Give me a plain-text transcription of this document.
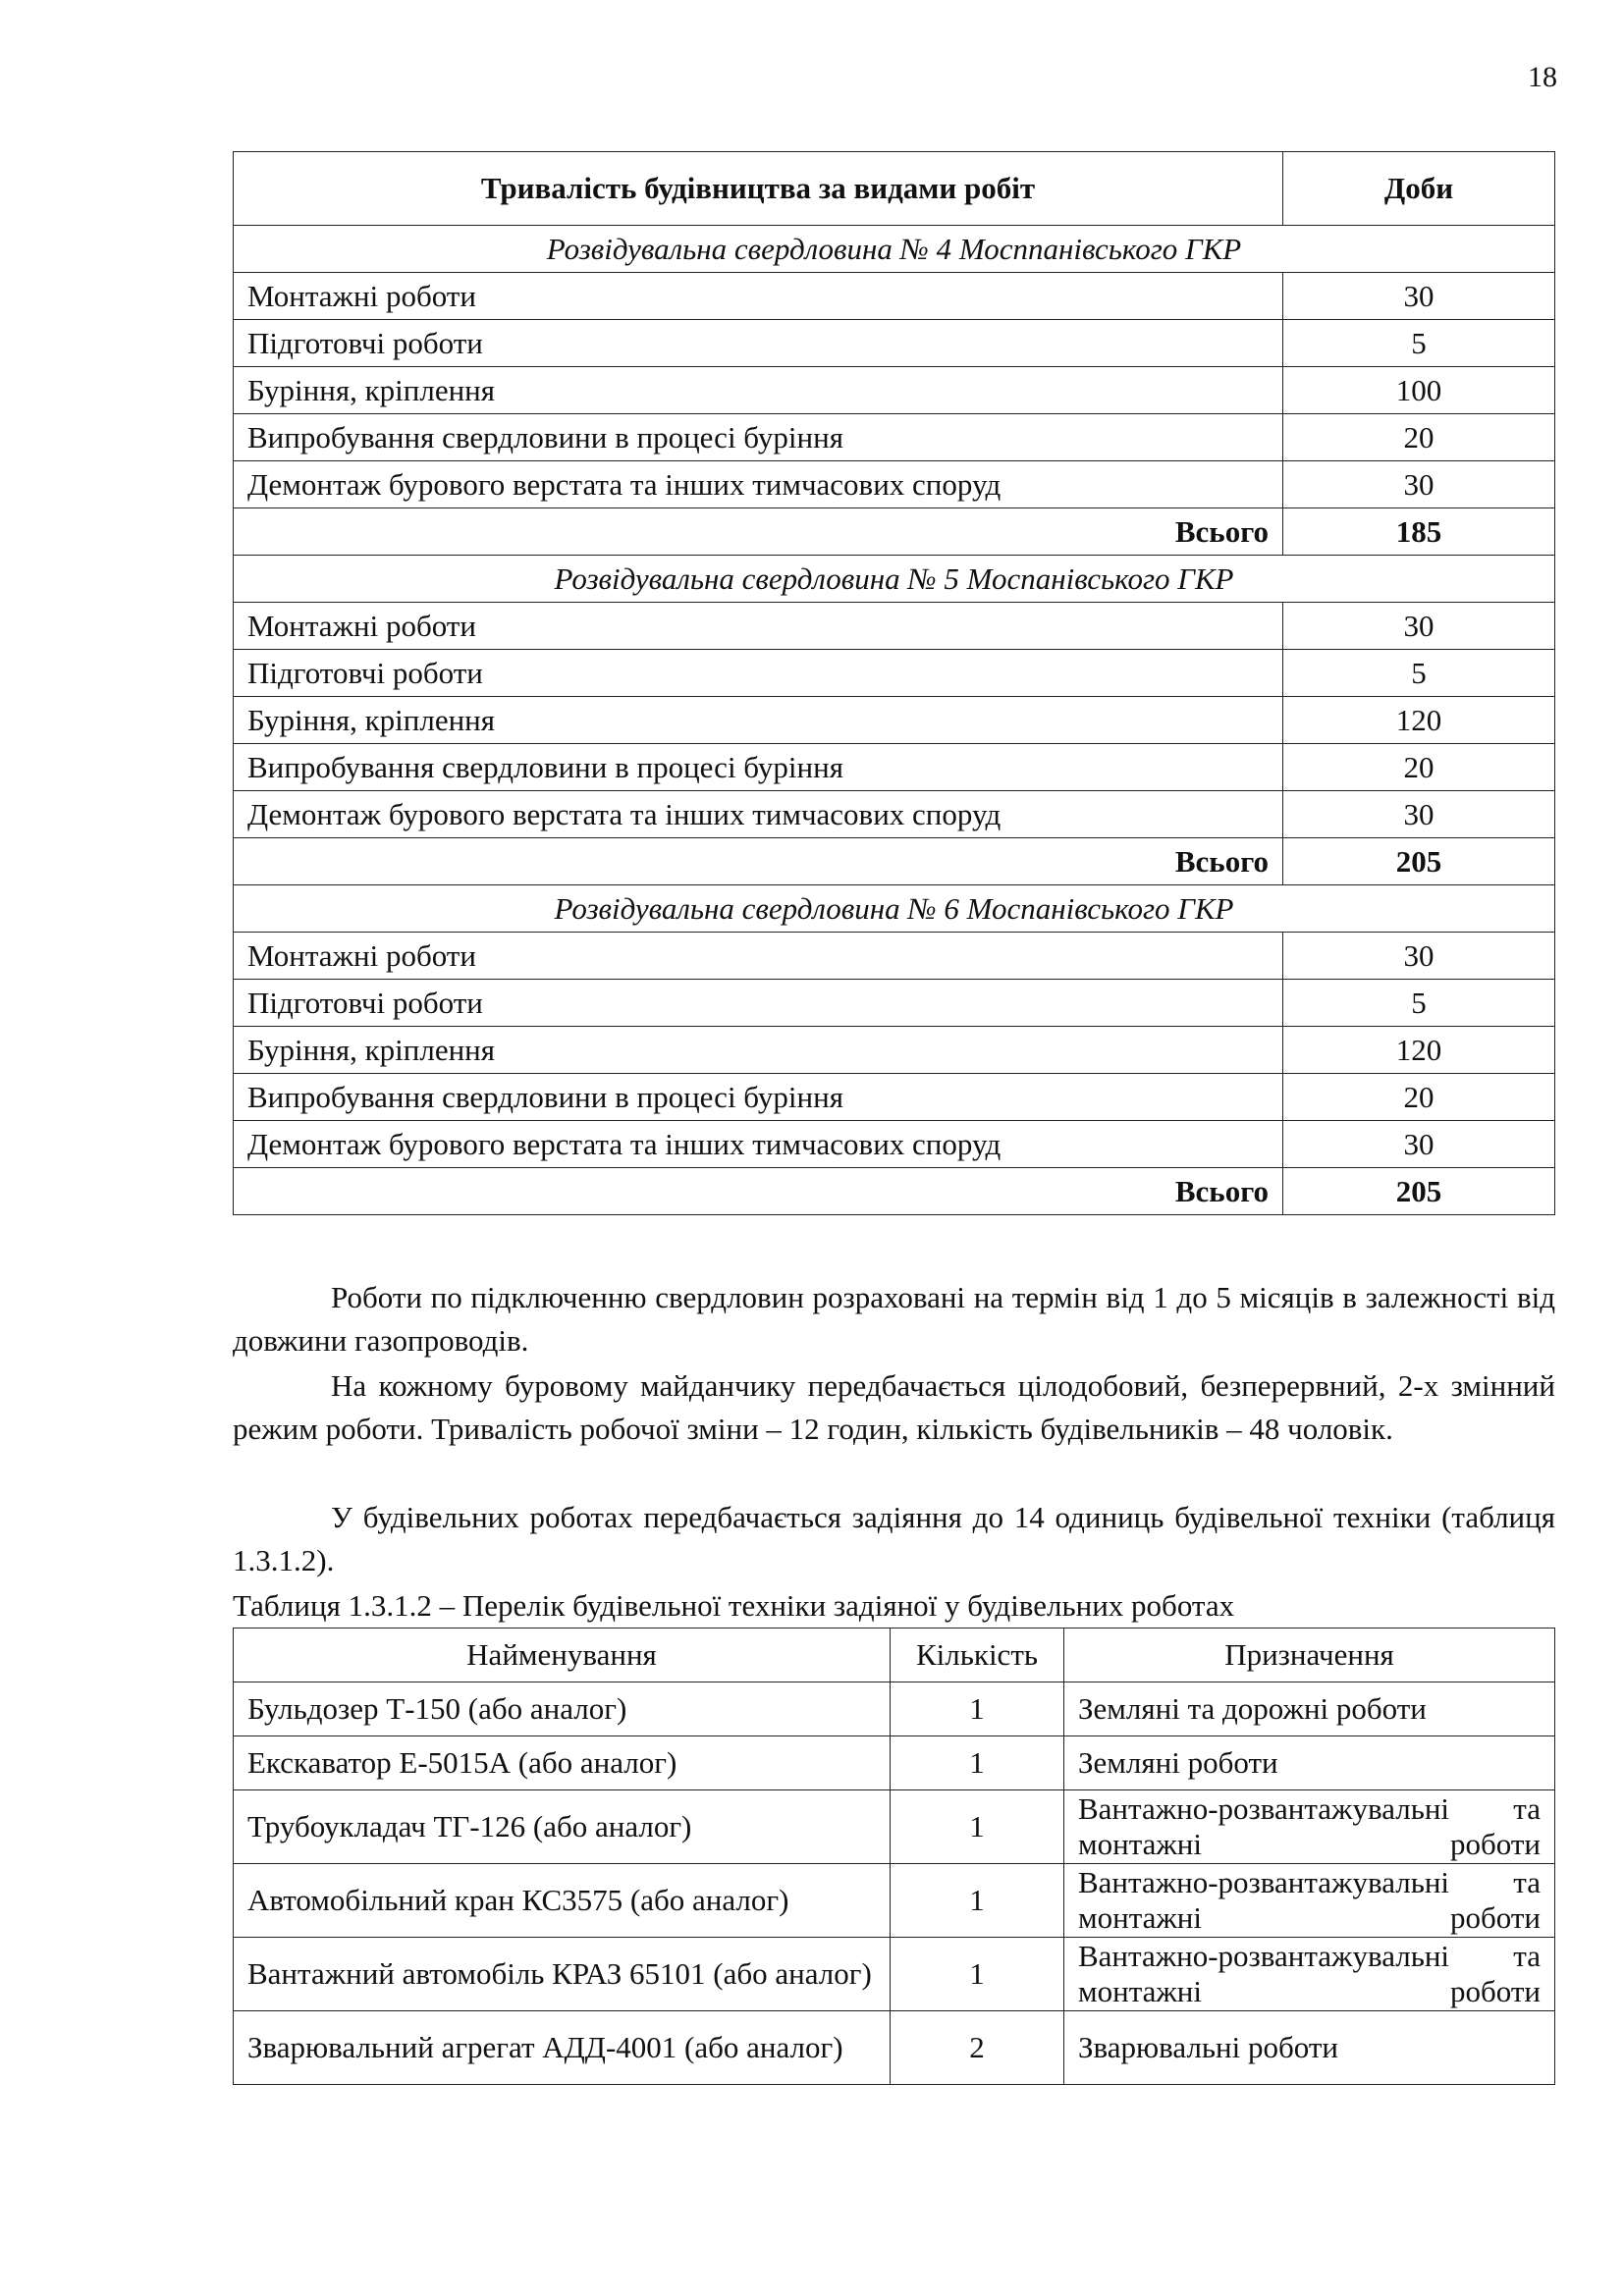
18
Тривалість будівництва за видами робіт	Доби
Розвідувальна свердловина № 4 Мосппанівського ГКР	
Монтажні роботи	30
Підготовчі роботи	5
Буріння, кріплення	100
Випробування свердловини в процесі буріння	20
Демонтаж бурового верстата та інших тимчасових споруд	30
Всього	185
Розвідувальна свердловина № 5 Моспанівського ГКР	
Монтажні роботи	30
Підготовчі роботи	5
Буріння, кріплення	120
Випробування свердловини в процесі буріння	20
Демонтаж бурового верстата та інших тимчасових споруд	30
Всього	205
Розвідувальна свердловина № 6 Моспанівського ГКР	
Монтажні роботи	30
Підготовчі роботи	5
Буріння, кріплення	120
Випробування свердловини в процесі буріння	20
Демонтаж бурового верстата та інших тимчасових споруд	30
Всього	205

Роботи по підключенню свердловин розраховані на термін від 1 до 5 місяців в залежності від довжини газопроводів.

На кожному буровому майданчику передбачається цілодобовий, безперервний, 2-х змінний режим роботи. Тривалість робочої зміни – 12 годин, кількість будівельників – 48 чоловік.

У будівельних роботах передбачається задіяння до 14 одиниць будівельної техніки (таблиця 1.3.1.2).

Таблиця 1.3.1.2 – Перелік будівельної техніки задіяної у будівельних роботах
Найменування	Кількість	Призначення
Бульдозер Т-150 (або аналог)	1	Земляні та дорожні роботи
Екскаватор Е-5015А (або аналог)	1	Земляні роботи
Трубоукладач ТГ-126 (або аналог)	1	Вантажно-розвантажувальні та монтажні роботи
Автомобільний кран КС3575 (або аналог)	1	Вантажно-розвантажувальні та монтажні роботи
Вантажний автомобіль КРАЗ 65101 (або аналог)	1	Вантажно-розвантажувальні та монтажні роботи
Зварювальний агрегат АДД-4001 (або аналог)	2	Зварювальні роботи
